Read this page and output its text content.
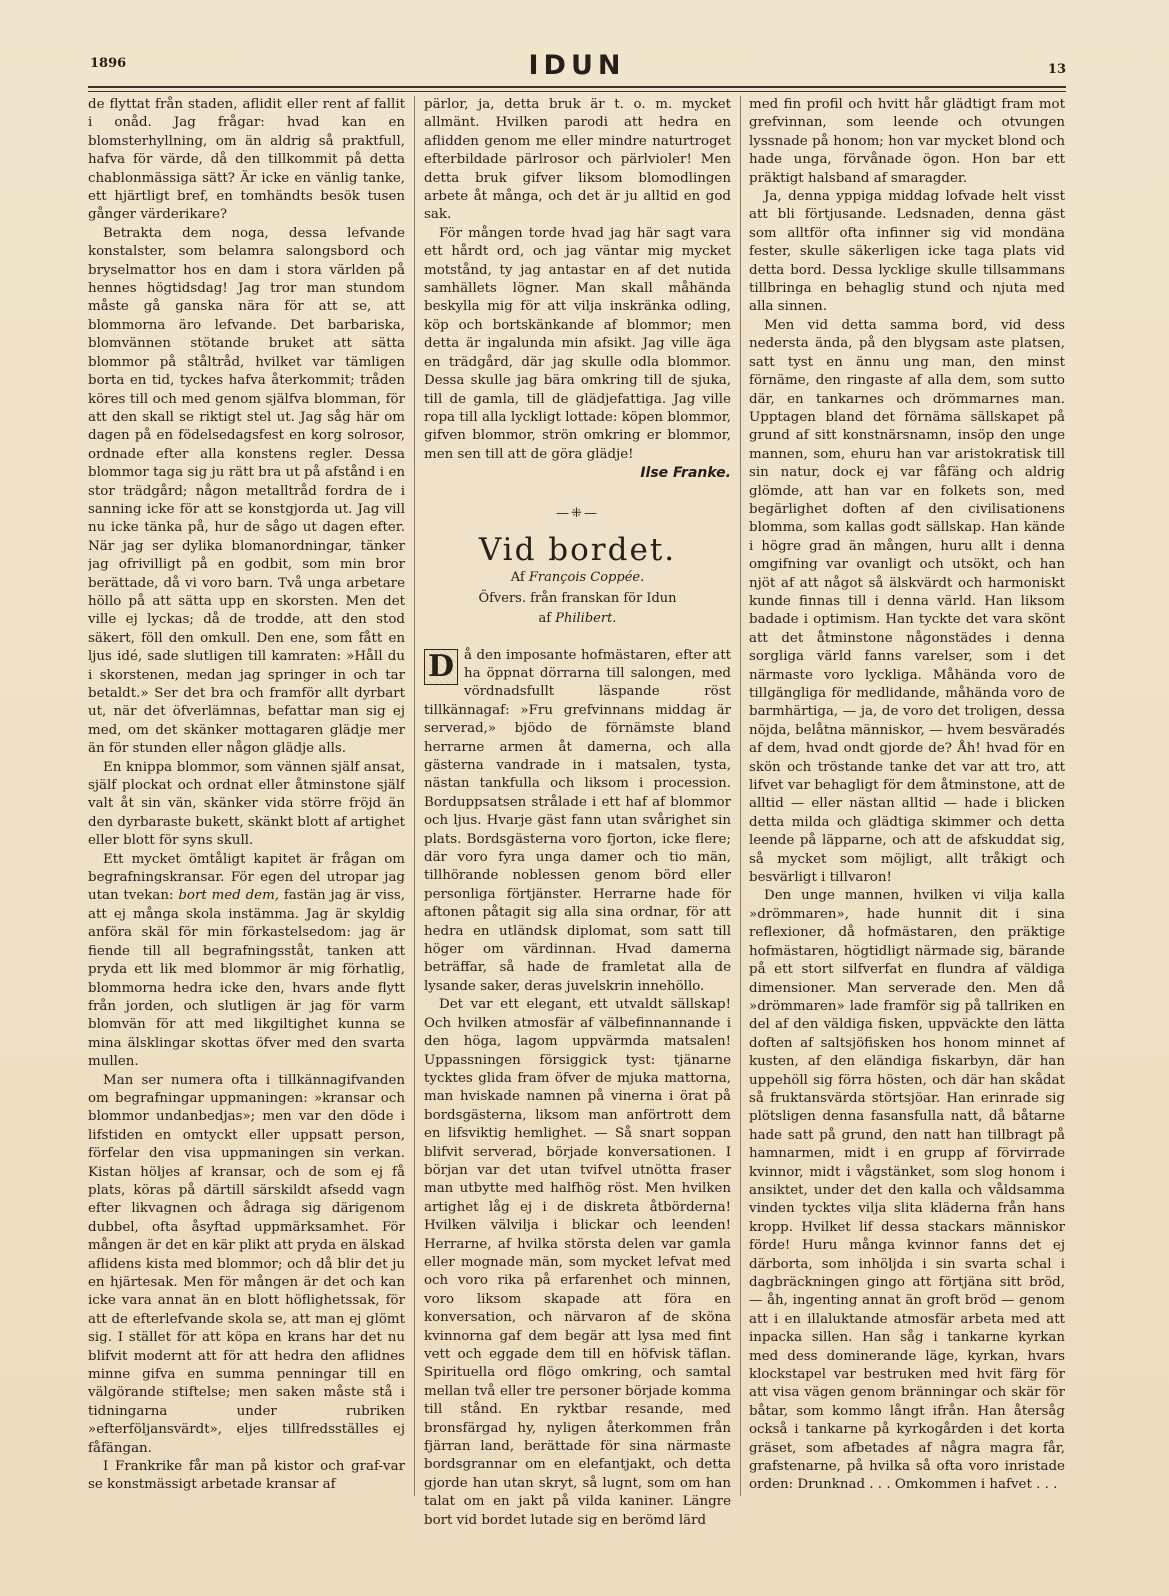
1896	IDUN	13

de flyttat från staden, aflidit eller rent af fallit i onåd. Jag frågar: hvad kan en blomsterhyllning, om än aldrig så praktfull, hafva för värde, då den tillkommit på detta chablonmässiga sätt? Är icke en vänlig tanke, ett hjärtligt bref, en tomhändts besök tusen gånger värderikare?

Betrakta dem noga, dessa lefvande konstalster, som belamra salongsbord och bryselmattor hos en dam i stora världen på hennes högtidsdag! Jag tror man stundom måste gå ganska nära för att se, att blommorna äro lefvande. Det barbariska, blomvännen stötande bruket att sätta blommor på ståltråd, hvilket var tämligen borta en tid, tyckes hafva återkommit; tråden köres till och med genom själfva blomman, för att den skall se riktigt stel ut. Jag såg här om dagen på en födelsedagsfest en korg solrosor, ordnade efter alla konstens regler. Dessa blommor taga sig ju rätt bra ut på afstånd i en stor trädgård; någon metalltråd fordra de i sanning icke för att se konstgjorda ut. Jag vill nu icke tänka på, hur de sågo ut dagen efter. När jag ser dylika blomanordningar, tänker jag ofrivilligt på en godbit, som min bror berättade, då vi voro barn. Två unga arbetare höllo på att sätta upp en skorsten. Men det ville ej lyckas; då de trodde, att den stod säkert, föll den omkull. Den ene, som fått en ljus idé, sade slutligen till kamraten: »Håll du i skorstenen, medan jag springer in och tar betaldt.» Ser det bra och framför allt dyrbart ut, när det öfverlämnas, befattar man sig ej med, om det skänker mottagaren glädje mer än för stunden eller någon glädje alls.

En knippa blommor, som vännen själf ansat, själf plockat och ordnat eller åtminstone själf valt åt sin vän, skänker vida större fröjd än den dyrbaraste bukett, skänkt blott af artighet eller blott för syns skull.

Ett mycket ömtåligt kapitet är frågan om begrafningskransar. För egen del utropar jag utan tvekan: bort med dem, fastän jag är viss, att ej många skola instämma. Jag är skyldig anföra skäl för min förkastelsedom: jag är fiende till all begrafningsståt, tanken att pryda ett lik med blommor är mig förhatlig, blommorna hedra icke den, hvars ande flytt från jorden, och slutligen är jag för varm blomvän för att med likgiltighet kunna se mina älsklingar skottas öfver med den svarta mullen.

Man ser numera ofta i tillkännagifvanden om begrafningar uppmaningen: »kransar och blommor undanbedjas»; men var den döde i lifstiden en omtyckt eller uppsatt person, förfelar den visa uppmaningen sin verkan. Kistan höljes af kransar, och de som ej få plats, köras på därtill särskildt afsedd vagn efter likvagnen och ådraga sig därigenom dubbel, ofta åsyftad uppmärksamhet. För mången är det en kär plikt att pryda en älskad aflidens kista med blommor; och då blir det ju en hjärtesak. Men för mången är det och kan icke vara annat än en blott höflighetssak, för att de efterlefvande skola se, att man ej glömt sig. I stället för att köpa en krans har det nu blifvit modernt att för att hedra den aflidnes minne gifva en summa penningar till en välgörande stiftelse; men saken måste stå i tidningarna under rubriken »efterföljansvärdt», eljes tillfredsställes ej fåfängan.

I Frankrike får man på kistor och graf-var se konstmässigt arbetade kransar af

pärlor, ja, detta bruk är t. o. m. mycket allmänt. Hvilken parodi att hedra en aflidden genom me eller mindre naturtroget efterbildade pärlrosor och pärlvioler! Men detta bruk gifver liksom blomodlingen arbete åt många, och det är ju alltid en god sak.

För mången torde hvad jag här sagt vara ett hårdt ord, och jag väntar mig mycket motstånd, ty jag antastar en af det nutida samhällets lögner. Man skall måhända beskylla mig för att vilja inskränka odling, köp och bortskänkande af blommor; men detta är ingalunda min afsikt. Jag ville äga en trädgård, där jag skulle odla blommor. Dessa skulle jag bära omkring till de sjuka, till de gamla, till de glädjefattiga. Jag ville ropa till alla lyckligt lottade: köpen blommor, gifven blommor, strön omkring er blommor, men sen till att de göra glädje!

Ilse Franke.
—⁜—
Vid bordet.
Af François Coppée.
Öfvers. från franskan för Idun
af Philibert.
D å den imposante hofmästaren, efter att ha öppnat dörrarna till salongen, med vördnadsfullt läspande röst tillkännagaf: »Fru grefvinnans middag är serverad,» bjödo de förnämste bland herrarne armen åt damerna, och alla gästerna vandrade in i matsalen, tysta, nästan tankfulla och liksom i procession. Borduppsatsen strålade i ett haf af blommor och ljus. Hvarje gäst fann utan svårighet sin plats. Bordsgästerna voro fjorton, icke flere; där voro fyra unga damer och tio män, tillhörande noblessen genom börd eller personliga förtjänster. Herrarne hade för aftonen påtagit sig alla sina ordnar, för att hedra en utländsk diplomat, som satt till höger om värdinnan. Hvad damerna beträffar, så hade de framletat alla de lysande saker, deras juvelskrin innehöllo.

Det var ett elegant, ett utvaldt sällskap! Och hvilken atmosfär af välbefinnannande i den höga, lagom uppvärmda matsalen! Uppassningen försiggick tyst: tjänarne tycktes glida fram öfver de mjuka mattorna, man hviskade namnen på vinerna i örat på bordsgästerna, liksom man anförtrott dem en lifsviktig hemlighet. — Så snart soppan blifvit serverad, började konversationen. I början var det utan tvifvel utnötta fraser man utbytte med halfhög röst. Men hvilken artighet låg ej i de diskreta åtbörderna! Hvilken välvilja i blickar och leenden! Herrarne, af hvilka största delen var gamla eller mognade män, som mycket lefvat med och voro rika på erfarenhet och minnen, voro liksom skapade att föra en konversation, och närvaron af de sköna kvinnorna gaf dem begär att lysa med fint vett och eggade dem till en höfvisk täflan. Spirituella ord flögo omkring, och samtal mellan två eller tre personer började komma till stånd. En ryktbar resande, med bronsfärgad hy, nyligen återkommen från fjärran land, berättade för sina närmaste bordsgrannar om en elefantjakt, och detta gjorde han utan skryt, så lugnt, som om han talat om en jakt på vilda kaniner. Längre bort vid bordet lutade sig en berömd lärd

med fin profil och hvitt hår glädtigt fram mot grefvinnan, som leende och otvungen lyssnade på honom; hon var mycket blond och hade unga, förvånade ögon. Hon bar ett präktigt halsband af smaragder.

Ja, denna yppiga middag lofvade helt visst att bli förtjusande. Ledsnaden, denna gäst som alltför ofta infinner sig vid mondäna fester, skulle säkerligen icke taga plats vid detta bord. Dessa lycklige skulle tillsammans tillbringa en behaglig stund och njuta med alla sinnen.

Men vid detta samma bord, vid dess nedersta ända, på den blygsam aste platsen, satt tyst en ännu ung man, den minst förnäme, den ringaste af alla dem, som sutto där, en tankarnes och drömmarnes man. Upptagen bland det förnäma sällskapet på grund af sitt konstnärsnamn, insöp den unge mannen, som, ehuru han var aristokratisk till sin natur, dock ej var fåfäng och aldrig glömde, att han var en folkets son, med begärlighet doften af den civilisationens blomma, som kallas godt sällskap. Han kände i högre grad än mången, huru allt i denna omgifning var ovanligt och utsökt, och han njöt af att något så älskvärdt och harmoniskt kunde finnas till i denna värld. Han liksom badade i optimism. Han tyckte det vara skönt att det åtminstone någonstädes i denna sorgliga värld fanns varelser, som i det närmaste voro lyckliga. Måhända voro de tillgängliga för medlidande, måhända voro de barmhärtiga, — ja, de voro det troligen, dessa nöjda, belåtna människor, — hvem besväradés af dem, hvad ondt gjorde de? Åh! hvad för en skön och tröstande tanke det var att tro, att lifvet var behagligt för dem åtminstone, att de alltid — eller nästan alltid — hade i blicken detta milda och glädtiga skimmer och detta leende på läpparne, och att de afskuddat sig, så mycket som möjligt, allt tråkigt och besvärligt i tillvaron!

Den unge mannen, hvilken vi vilja kalla »drömmaren», hade hunnit dit i sina reflexioner, då hofmästaren, den präktige hofmästaren, högtidligt närmade sig, bärande på ett stort silfverfat en flundra af väldiga dimensioner. Man serverade den. Men då »drömmaren» lade framför sig på tallriken en del af den väldiga fisken, uppväckte den lätta doften af saltsjöfisken hos honom minnet af kusten, af den eländiga fiskarbyn, där han uppehöll sig förra hösten, och där han skådat så fruktansvärda störtsjöar. Han erinrade sig plötsligen denna fasansfulla natt, då båtarne hade satt på grund, den natt han tillbragt på hamnarmen, midt i en grupp af förvirrade kvinnor, midt i vågstänket, som slog honom i ansiktet, under det den kalla och våldsamma vinden tycktes vilja slita kläderna från hans kropp. Hvilket lif dessa stackars människor förde! Huru många kvinnor fanns det ej därborta, som inhöljda i sin svarta schal i dagbräckningen gingo att förtjäna sitt bröd, — åh, ingenting annat än groft bröd — genom att i en illaluktande atmosfär arbeta med att inpacka sillen. Han såg i tankarne kyrkan med dess dominerande läge, kyrkan, hvars klockstapel var bestruken med hvit färg för att visa vägen genom bränningar och skär för båtar, som kommo långt ifrån. Han återsåg också i tankarne på kyrkogården i det korta gräset, som afbetades af några magra får, grafstenarne, på hvilka så ofta voro inristade orden: Drunknad . . . Omkommen i hafvet . . .
